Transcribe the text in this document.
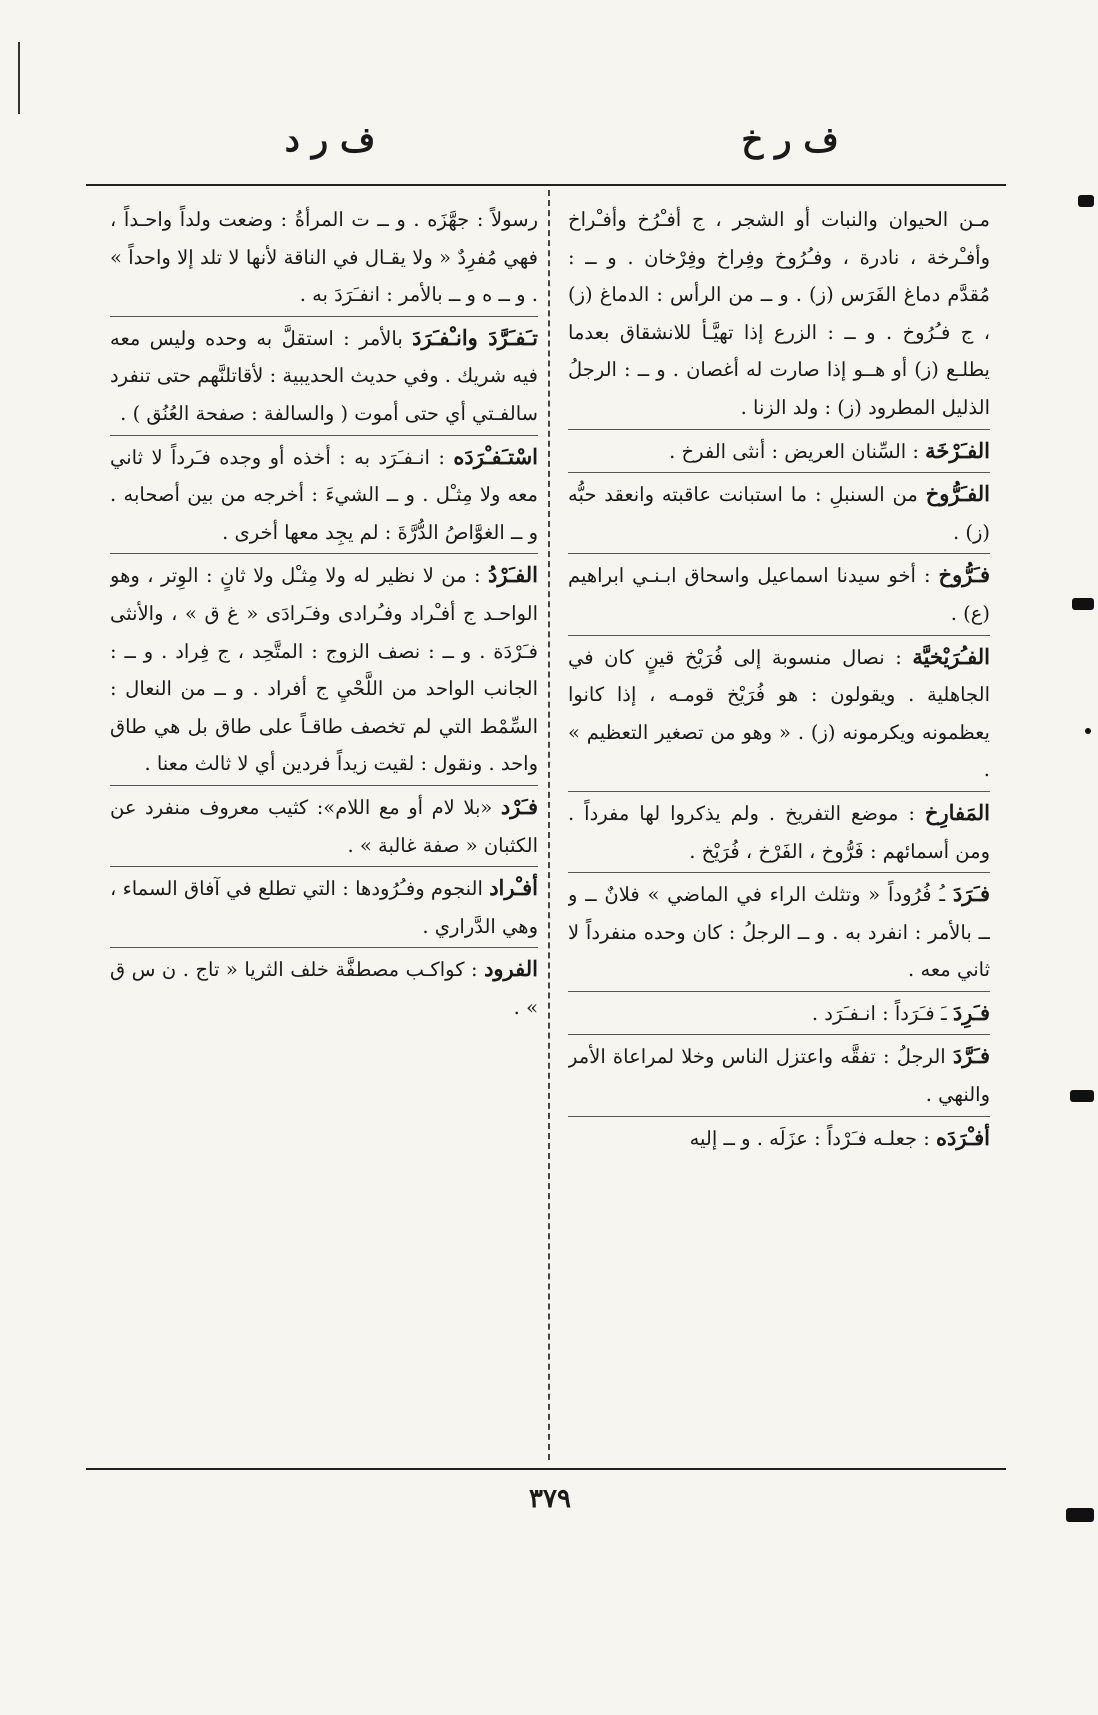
ف ر خ
ف ر د

مـن الحيوان والنبات أو الشجر ، ج أفـْرُخ وأفـْراخ وأفـْرخة ، نادرة ، وفـُرُوخ وفِراخ وفِرْخان . و ــ : مُقدَّم دماغ الفَرَس (ز) . و ــ من الرأس : الدماغ (ز) ، ج فـُرُوخ . و ــ : الزرع إذا تهيَّـأ للانشقاق بعدما يطلـع (ز) أو هــو إذا صارت له أغصان . و ــ : الرجلُ الذليل المطرود (ز) : ولد الزنا .

الفـَرْخَة : السِّنان العريض : أنثى الفرخ .

الفـَرُّوخ من السنبلِ : ما استبانت عاقبته وانعقد حبُّه (ز) .

فـَرُّوخ : أخو سيدنا اسماعيل واسحاق ابـنـي ابراهيم (ع) .

الفـُرَيْخيَّة : نصال منسوبة إلى فُرَيْخ قينٍ كان في الجاهلية . ويقولون : هو فُرَيْخ قومـه ، إذا كانوا يعظمونه ويكرمونه (ز) . « وهو من تصغير التعظيم » .

المَفارِخ : موضع التفريخ . ولم يذكروا لها مفرداً . ومن أسمائهم : فَرُّوخ ، الفَرْخ ، فُرَيْخ .

فـَرَدَ ـُ فُرُوداً « وتثلث الراء في الماضي » فلانٌ ــ و ــ بالأمر : انفرد به . و ــ الرجلُ : كان وحده منفرداً لا ثاني معه .

فـَرِدَ ـَ فـَرَداً : انـفـَرَد .

فـَرَّدَ الرجلُ : تفقَّه واعتزل الناس وخلا لمراعاة الأمر والنهي .

أفـْرَدَه : جعلـه فـَرْداً : عزَلَه . و ــ إليه

رسولاً : جهَّزَه . و ــ ت المرأةُ : وضعت ولداً واحـداً ، فهي مُفرِدٌ « ولا يقـال في الناقة لأنها لا تلد إلا واحداً » . و ــ ه و ــ بالأمر : انفـَرَدَ به .

تـَفـَرَّدَ وانـْفـَرَدَ بالأمر : استقلَّ به وحده وليس معه فيه شريك . وفي حديث الحديبية : لأقاتلنَّهم حتى تنفرد سالفـتي أي حتى أموت ( والسالفة : صفحة العُنُق ) .

اسْتـَفـْرَدَه : انـفـَرَد به : أخذه أو وجده فـَرداً لا ثاني معه ولا مِثـْل . و ــ الشيءَ : أخرجه من بين أصحابه . و ــ الغوَّاصُ الدُّرَّةَ : لم يجِد معها أخرى .

الفـَرْدُ : من لا نظير له ولا مِثـْل ولا ثانٍ : الوِتر ، وهو الواحـد ج أفـْراد وفـُرادى وفـَرادَى « غ ق » ، والأنثى فـَرْدَة . و ــ : نصف الزوج : المتَّحِد ، ج فِراد . و ــ : الجانب الواحد من اللَّحْيِ ج أفراد . و ــ من النعال : السِّمْط التي لم تخصف طاقـاً على طاق بل هي طاق واحد . ونقول : لقيت زيداً فردين أي لا ثالث معنا .

فـَرْد «بلا لام أو مع اللام»: كثيب معروف منفرد عن الكثبان « صفة غالبة » .

أفـْراد النجوم وفـُرُودها : التي تطلع في آفاق السماء ، وهي الدَّراري .

الفرود : كواكـب مصطفَّة خلف الثريا « تاج . ن س ق » .

٣٧٩
